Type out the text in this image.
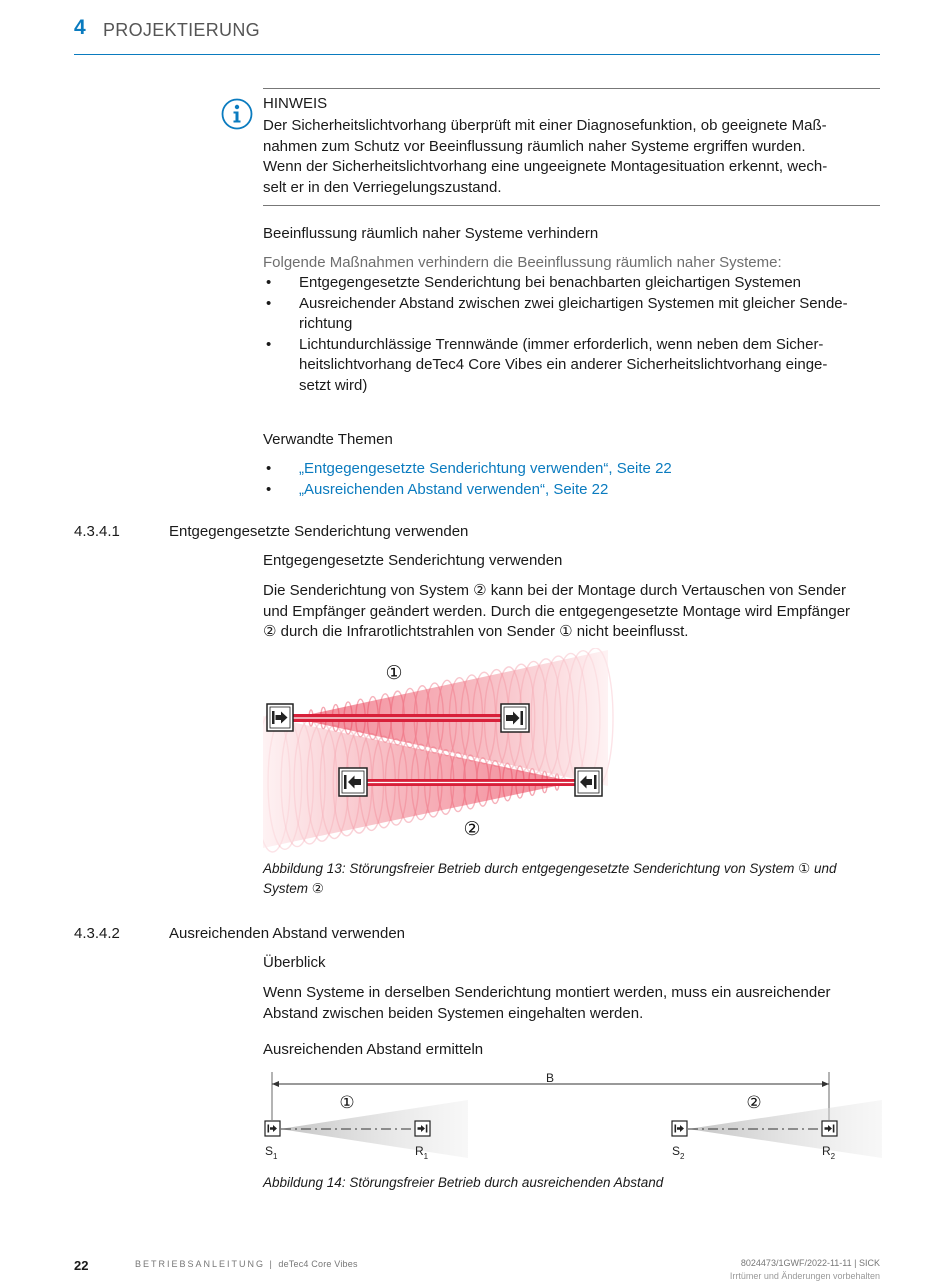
4 PROJEKTIERUNG
HINWEIS
Der Sicherheitslichtvorhang überprüft mit einer Diagnosefunktion, ob geeignete Maß-
nahmen zum Schutz vor Beeinflussung räumlich naher Systeme ergriffen wurden.
Wenn der Sicherheitslichtvorhang eine ungeeignete Montagesituation erkennt, wech-
selt er in den Verriegelungszustand.
Beeinflussung räumlich naher Systeme verhindern
Folgende Maßnahmen verhindern die Beeinflussung räumlich naher Systeme:
• Entgegengesetzte Senderichtung bei benachbarten gleichartigen Systemen
• Ausreichender Abstand zwischen zwei gleichartigen Systemen mit gleicher Sende-
richtung
• Lichtundurchlässige Trennwände (immer erforderlich, wenn neben dem Sicher-
heitslichtvorhang deTec4 Core Vibes ein anderer Sicherheitslichtvorhang einge-
setzt wird)
Verwandte Themen
• „Entgegengesetzte Senderichtung verwenden“, Seite 22
• „Ausreichenden Abstand verwenden“, Seite 22
4.3.4.1	Entgegengesetzte Senderichtung verwenden
Entgegengesetzte Senderichtung verwenden
Die Senderichtung von System ② kann bei der Montage durch Vertauschen von Sender
und Empfänger geändert werden. Durch die entgegengesetzte Montage wird Empfänger
② durch die Infrarotlichtstrahlen von Sender ① nicht beeinflusst.
①
②
Abbildung 13: Störungsfreier Betrieb durch entgegengesetzte Senderichtung von System ① und
System ②
4.3.4.2	Ausreichenden Abstand verwenden
Überblick
Wenn Systeme in derselben Senderichtung montiert werden, muss ein ausreichender
Abstand zwischen beiden Systemen eingehalten werden.
Ausreichenden Abstand ermitteln
B
①	②
$S_1$	$R_1$	$S_2$	$R_2$
Abbildung 14: Störungsfreier Betrieb durch ausreichenden Abstand
22	BETRIEBSANLEITUNG | deTec4 Core Vibes	8024473/1GWF/2022-11-11 | SICK
Irrtümer und Änderungen vorbehalten
